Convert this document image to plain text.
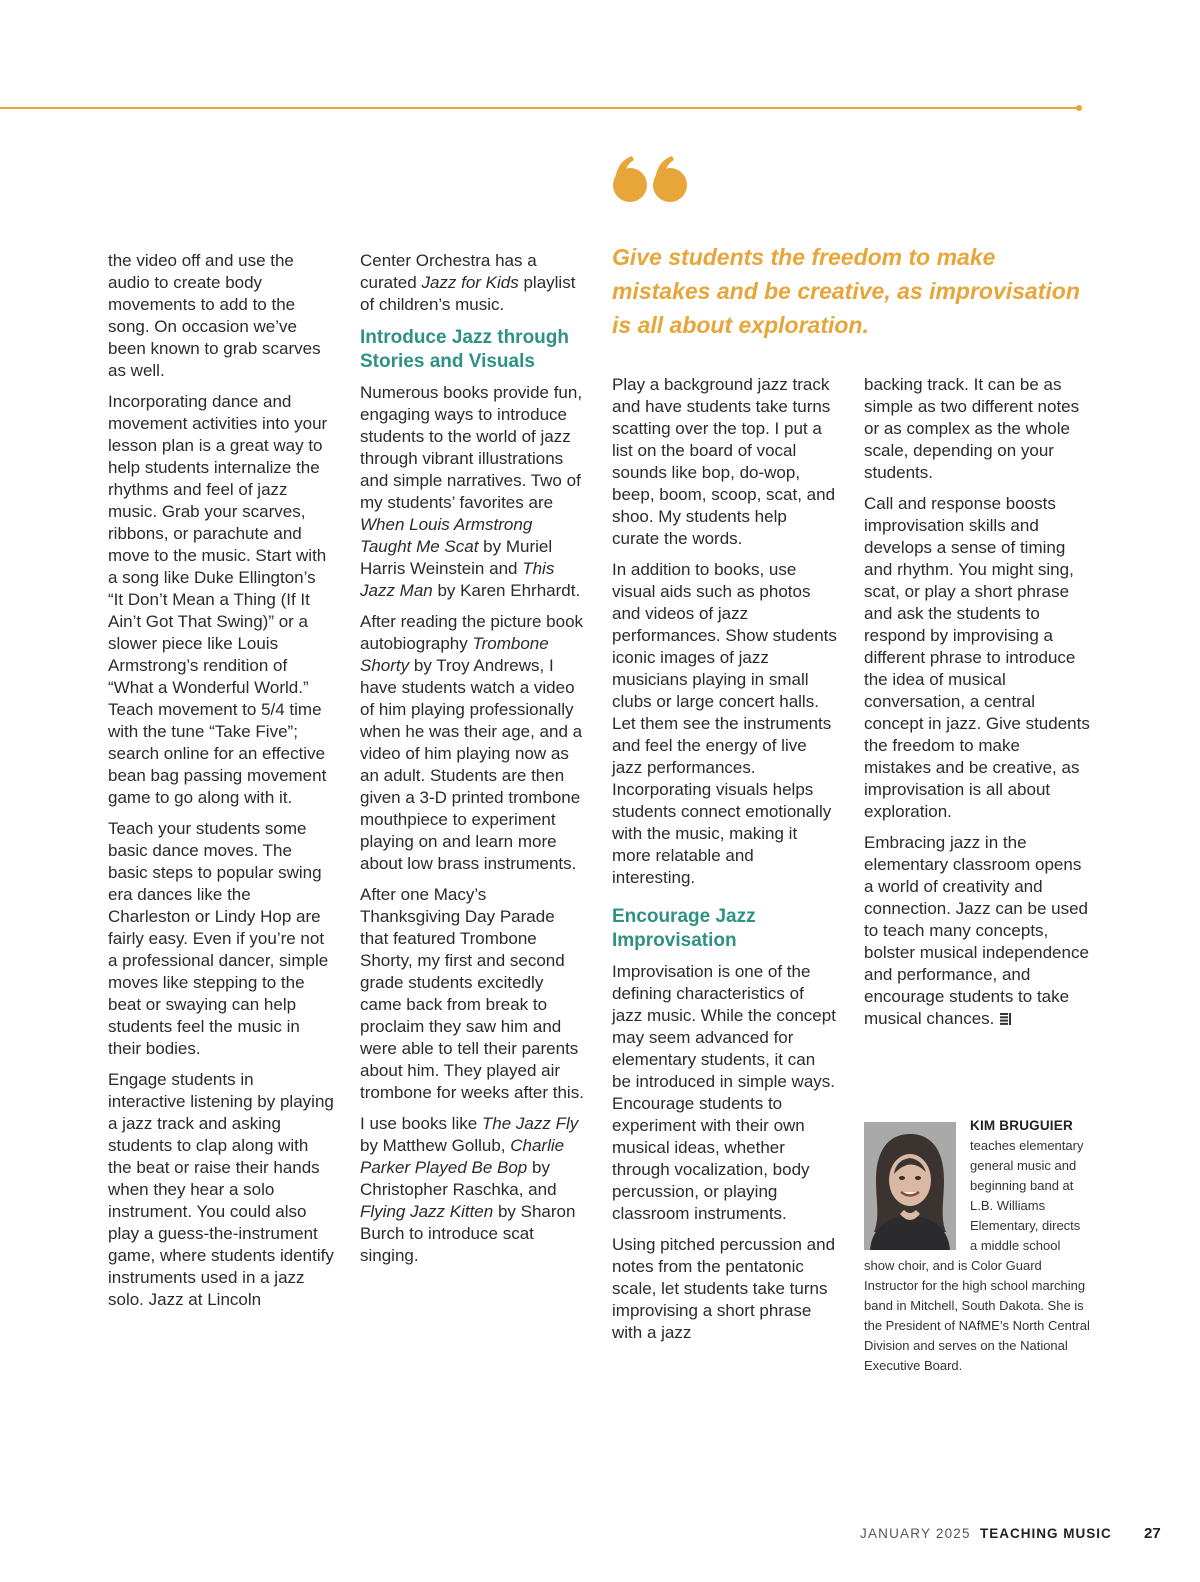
Give students the freedom to make mistakes and be creative, as improvisation is all about exploration.

the video off and use the audio to create body movements to add to the song. On occasion we’ve been known to grab scarves as well.

Incorporating dance and movement activities into your lesson plan is a great way to help students internalize the rhythms and feel of jazz music. Grab your scarves, ribbons, or parachute and move to the music. Start with a song like Duke Ellington’s “It Don’t Mean a Thing (If It Ain’t Got That Swing)” or a slower piece like Louis Armstrong’s rendition of “What a Wonderful World.” Teach movement to 5/4 time with the tune “Take Five”; search online for an effective bean bag passing movement game to go along with it.

Teach your students some basic dance moves. The basic steps to popular swing era dances like the Charleston or Lindy Hop are fairly easy. Even if you’re not a professional dancer, simple moves like stepping to the beat or swaying can help students feel the music in their bodies.

Engage students in interactive listening by playing a jazz track and asking students to clap along with the beat or raise their hands when they hear a solo instrument. You could also play a guess-the-instrument game, where students identify instruments used in a jazz solo. Jazz at Lincoln

Center Orchestra has a curated Jazz for Kids playlist of children’s music.

Introduce Jazz through Stories and Visuals

Numerous books provide fun, engaging ways to introduce students to the world of jazz through vibrant illustrations and simple narratives. Two of my students’ favorites are When Louis Armstrong Taught Me Scat by Muriel Harris Weinstein and This Jazz Man by Karen Ehrhardt.

After reading the picture book autobiography Trombone Shorty by Troy Andrews, I have students watch a video of him playing professionally when he was their age, and a video of him playing now as an adult. Students are then given a 3-D printed trombone mouthpiece to experiment playing on and learn more about low brass instruments.

After one Macy’s Thanksgiving Day Parade that featured Trombone Shorty, my first and second grade students excitedly came back from break to proclaim they saw him and were able to tell their parents about him. They played air trombone for weeks after this.

I use books like The Jazz Fly by Matthew Gollub, Charlie Parker Played Be Bop by Christopher Raschka, and Flying Jazz Kitten by Sharon Burch to introduce scat singing.

Play a background jazz track and have students take turns scatting over the top. I put a list on the board of vocal sounds like bop, do-wop, beep, boom, scoop, scat, and shoo. My students help curate the words.

In addition to books, use visual aids such as photos and videos of jazz performances. Show students iconic images of jazz musicians playing in small clubs or large concert halls. Let them see the instruments and feel the energy of live jazz performances. Incorporating visuals helps students connect emotionally with the music, making it more relatable and interesting.

Encourage Jazz Improvisation

Improvisation is one of the defining characteristics of jazz music. While the concept may seem advanced for elementary students, it can be introduced in simple ways. Encourage students to experiment with their own musical ideas, whether through vocalization, body percussion, or playing classroom instruments.

Using pitched percussion and notes from the pentatonic scale, let students take turns improvising a short phrase with a jazz

backing track. It can be as simple as two different notes or as complex as the whole scale, depending on your students.

Call and response boosts improvisation skills and develops a sense of timing and rhythm. You might sing, scat, or play a short phrase and ask the students to respond by improvising a different phrase to introduce the idea of musical conversation, a central concept in jazz. Give students the freedom to make mistakes and be creative, as improvisation is all about exploration.

Embracing jazz in the elementary classroom opens a world of creativity and connection. Jazz can be used to teach many concepts, bolster musical independence and performance, and encourage students to take musical chances.

KIM BRUGUIER teaches elementary general music and beginning band at L.B. Williams Elementary, directs a middle school show choir, and is Color Guard Instructor for the high school marching band in Mitchell, South Dakota. She is the President of NAfME’s North Central Division and serves on the National Executive Board.
JANUARY 2025 TEACHING MUSIC 27
